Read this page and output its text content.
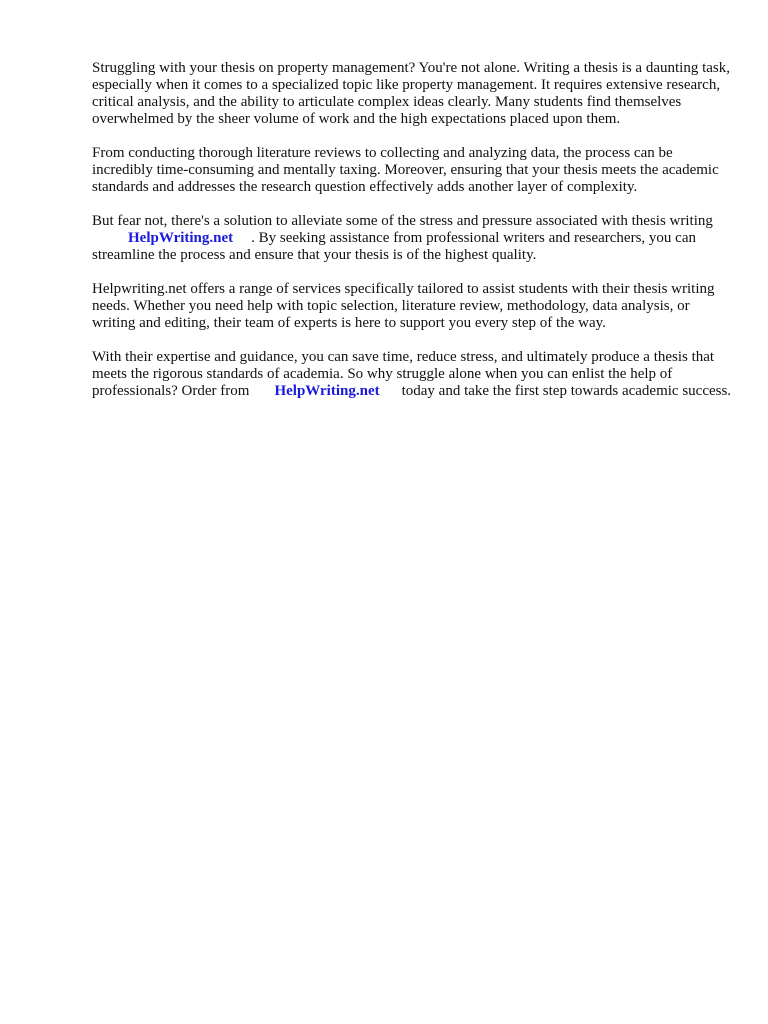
Struggling with your thesis on property management? You're not alone. Writing a thesis is a daunting task, especially when it comes to a specialized topic like property management. It requires extensive research, critical analysis, and the ability to articulate complex ideas clearly. Many students find themselves overwhelmed by the sheer volume of work and the high expectations placed upon them.

From conducting thorough literature reviews to collecting and analyzing data, the process can be incredibly time-consuming and mentally taxing. Moreover, ensuring that your thesis meets the academic standards and addresses the research question effectively adds another layer of complexity.

But fear not, there's a solution to alleviate some of the stress and pressure associated with thesis writingHelpWriting.net . By seeking assistance from professional writers and researchers, you can streamline the process and ensure that your thesis is of the highest quality.

Helpwriting.net offers a range of services specifically tailored to assist students with their thesis writing needs. Whether you need help with topic selection, literature review, methodology, data analysis, or writing and editing, their team of experts is here to support you every step of the way.

With their expertise and guidance, you can save time, reduce stress, and ultimately produce a thesis that meets the rigorous standards of academia. So why struggle alone when you can enlist the help of professionals? Order from HelpWriting.net today and take the first step towards academic success.
